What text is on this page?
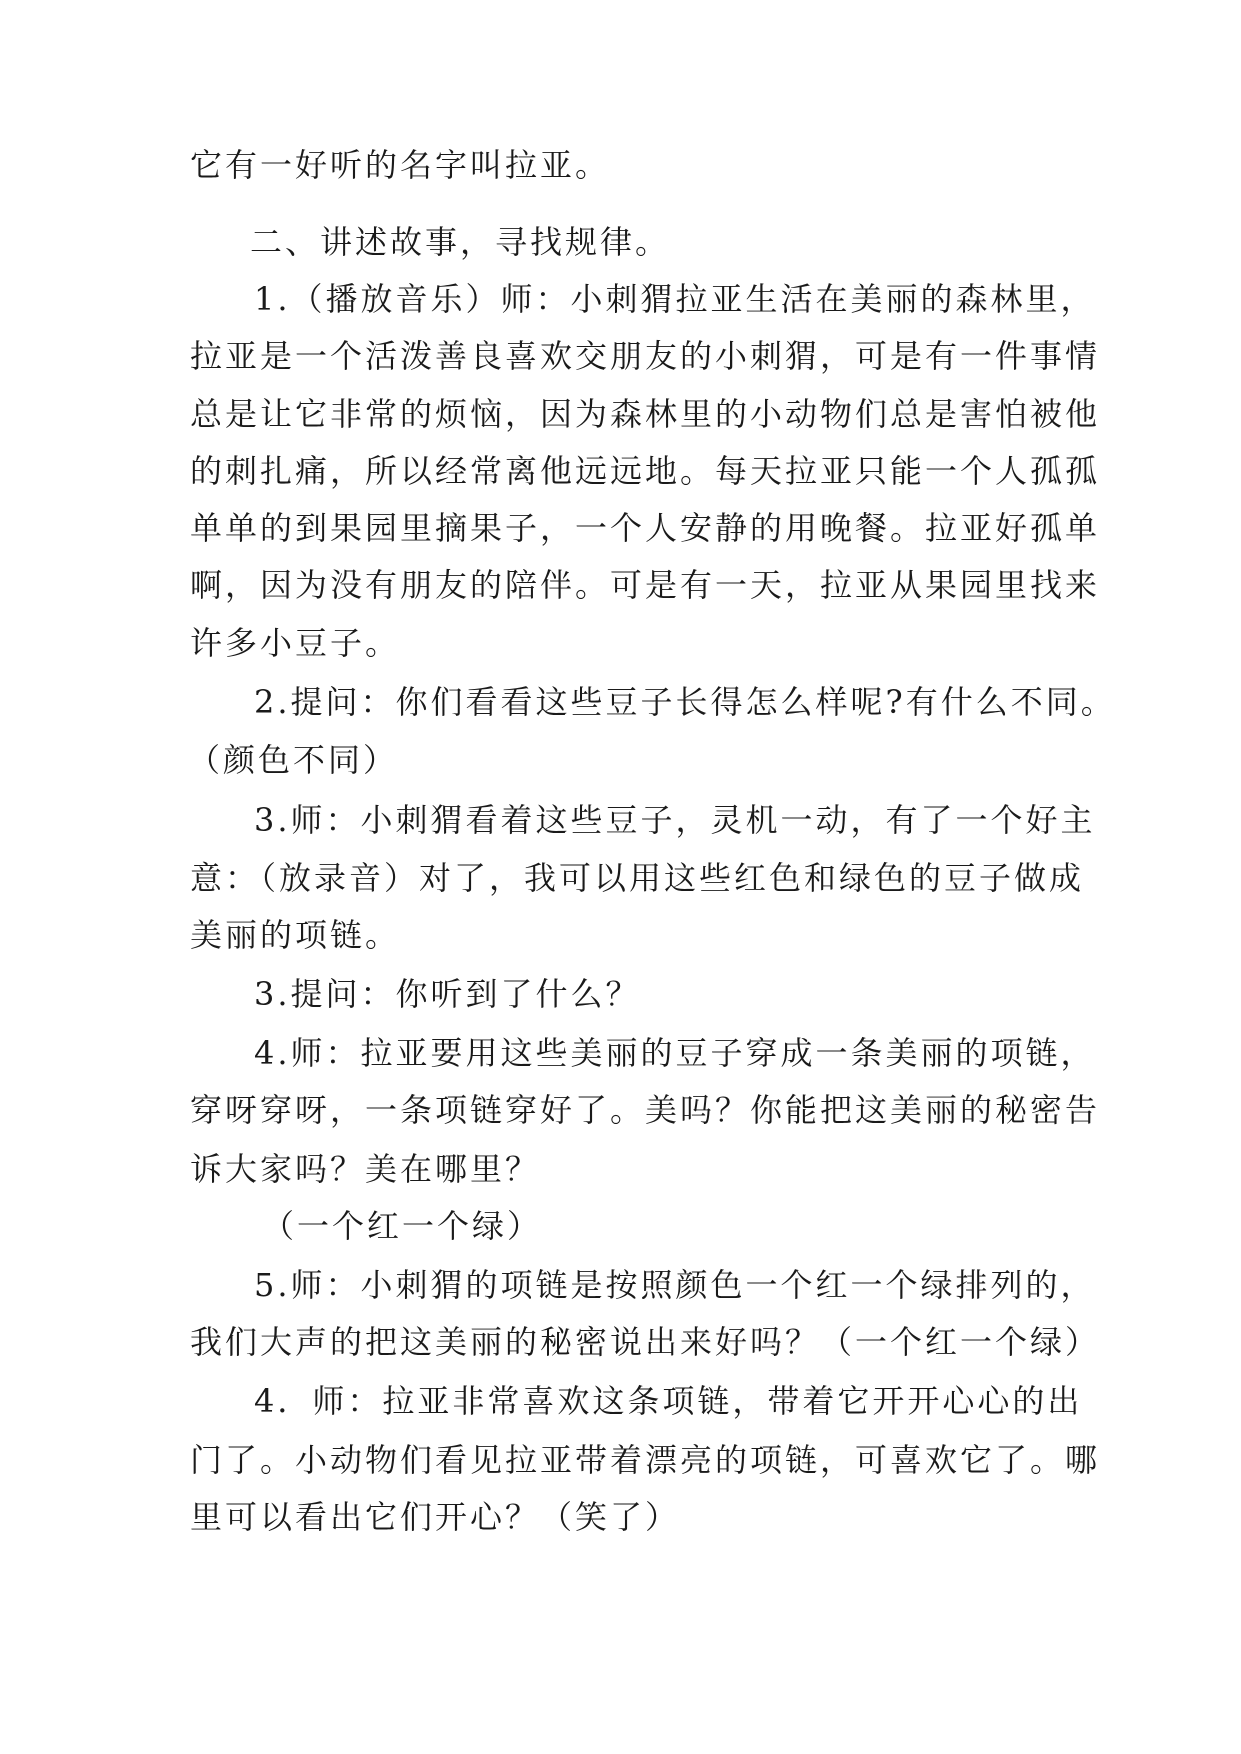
它有一好听的名字叫拉亚。
二、讲述故事，寻找规律。
1.（播放音乐）师：小刺猬拉亚生活在美丽的森林里，
拉亚是一个活泼善良喜欢交朋友的小刺猬，可是有一件事情
总是让它非常的烦恼，因为森林里的小动物们总是害怕被他
的刺扎痛，所以经常离他远远地。每天拉亚只能一个人孤孤
单单的到果园里摘果子，一个人安静的用晚餐。拉亚好孤单
啊，因为没有朋友的陪伴。可是有一天，拉亚从果园里找来
许多小豆子。
2.提问：你们看看这些豆子长得怎么样呢?有什么不同。
（颜色不同）
3.师：小刺猬看着这些豆子，灵机一动，有了一个好主
意：（放录音）对了，我可以用这些红色和绿色的豆子做成
美丽的项链。
3.提问：你听到了什么？
4.师：拉亚要用这些美丽的豆子穿成一条美丽的项链，
穿呀穿呀，一条项链穿好了。美吗？你能把这美丽的秘密告
诉大家吗？美在哪里？
（一个红一个绿）
5.师：小刺猬的项链是按照颜色一个红一个绿排列的，
我们大声的把这美丽的秘密说出来好吗？（一个红一个绿）
4．师：拉亚非常喜欢这条项链，带着它开开心心的出
门了。小动物们看见拉亚带着漂亮的项链，可喜欢它了。哪
里可以看出它们开心？（笑了）
